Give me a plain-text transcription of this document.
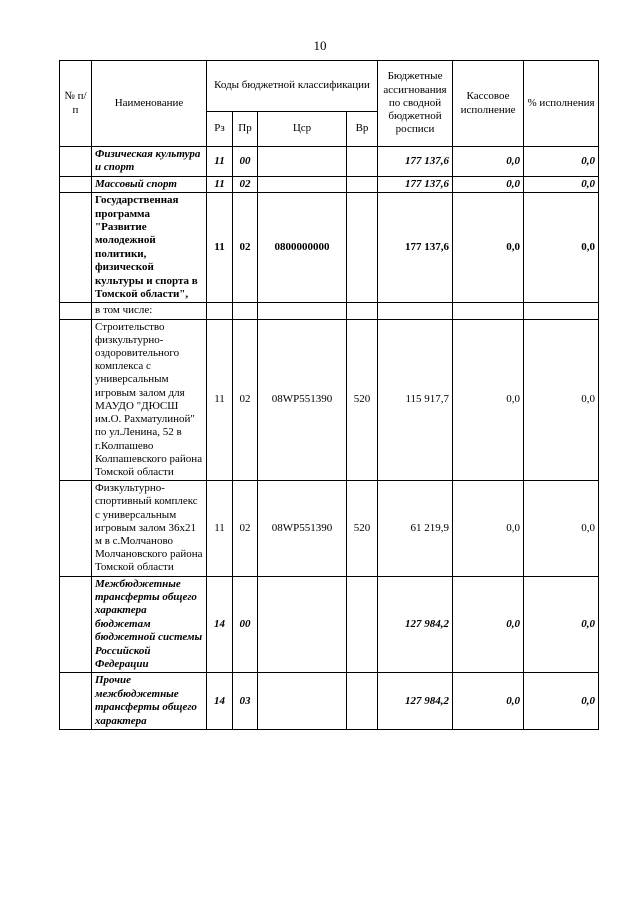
10
№ п/п	Наименование	Коды бюджетной классификации				Бюджетные ассигнования по сводной бюджетной росписи	Кассовое исполнение	% исполнения
		Рз	Пр	Цср	Вр			
	Физическая культура и спорт	11	00			177 137,6	0,0	0,0
	Массовый спорт	11	02			177 137,6	0,0	0,0
	Государственная программа "Развитие молодежной политики, физической культуры и спорта в Томской области",	11	02	0800000000		177 137,6	0,0	0,0
	в том числе:							
	Строительство физкультурно-оздоровительного комплекса с универсальным игровым залом для МАУДО "ДЮСШ им.О. Рахматулиной" по ул.Ленина, 52 в г.Колпашево Колпашевского района Томской области	11	02	08WP551390	520	115 917,7	0,0	0,0
	Физкультурно-спортивный комплекс с универсальным игровым залом 36x21 м в с.Молчаново Молчановского района Томской области	11	02	08WP551390	520	61 219,9	0,0	0,0
	Межбюджетные трансферты общего характера бюджетам бюджетной системы Российской Федерации	14	00			127 984,2	0,0	0,0
	Прочие межбюджетные трансферты общего характера	14	03			127 984,2	0,0	0,0
